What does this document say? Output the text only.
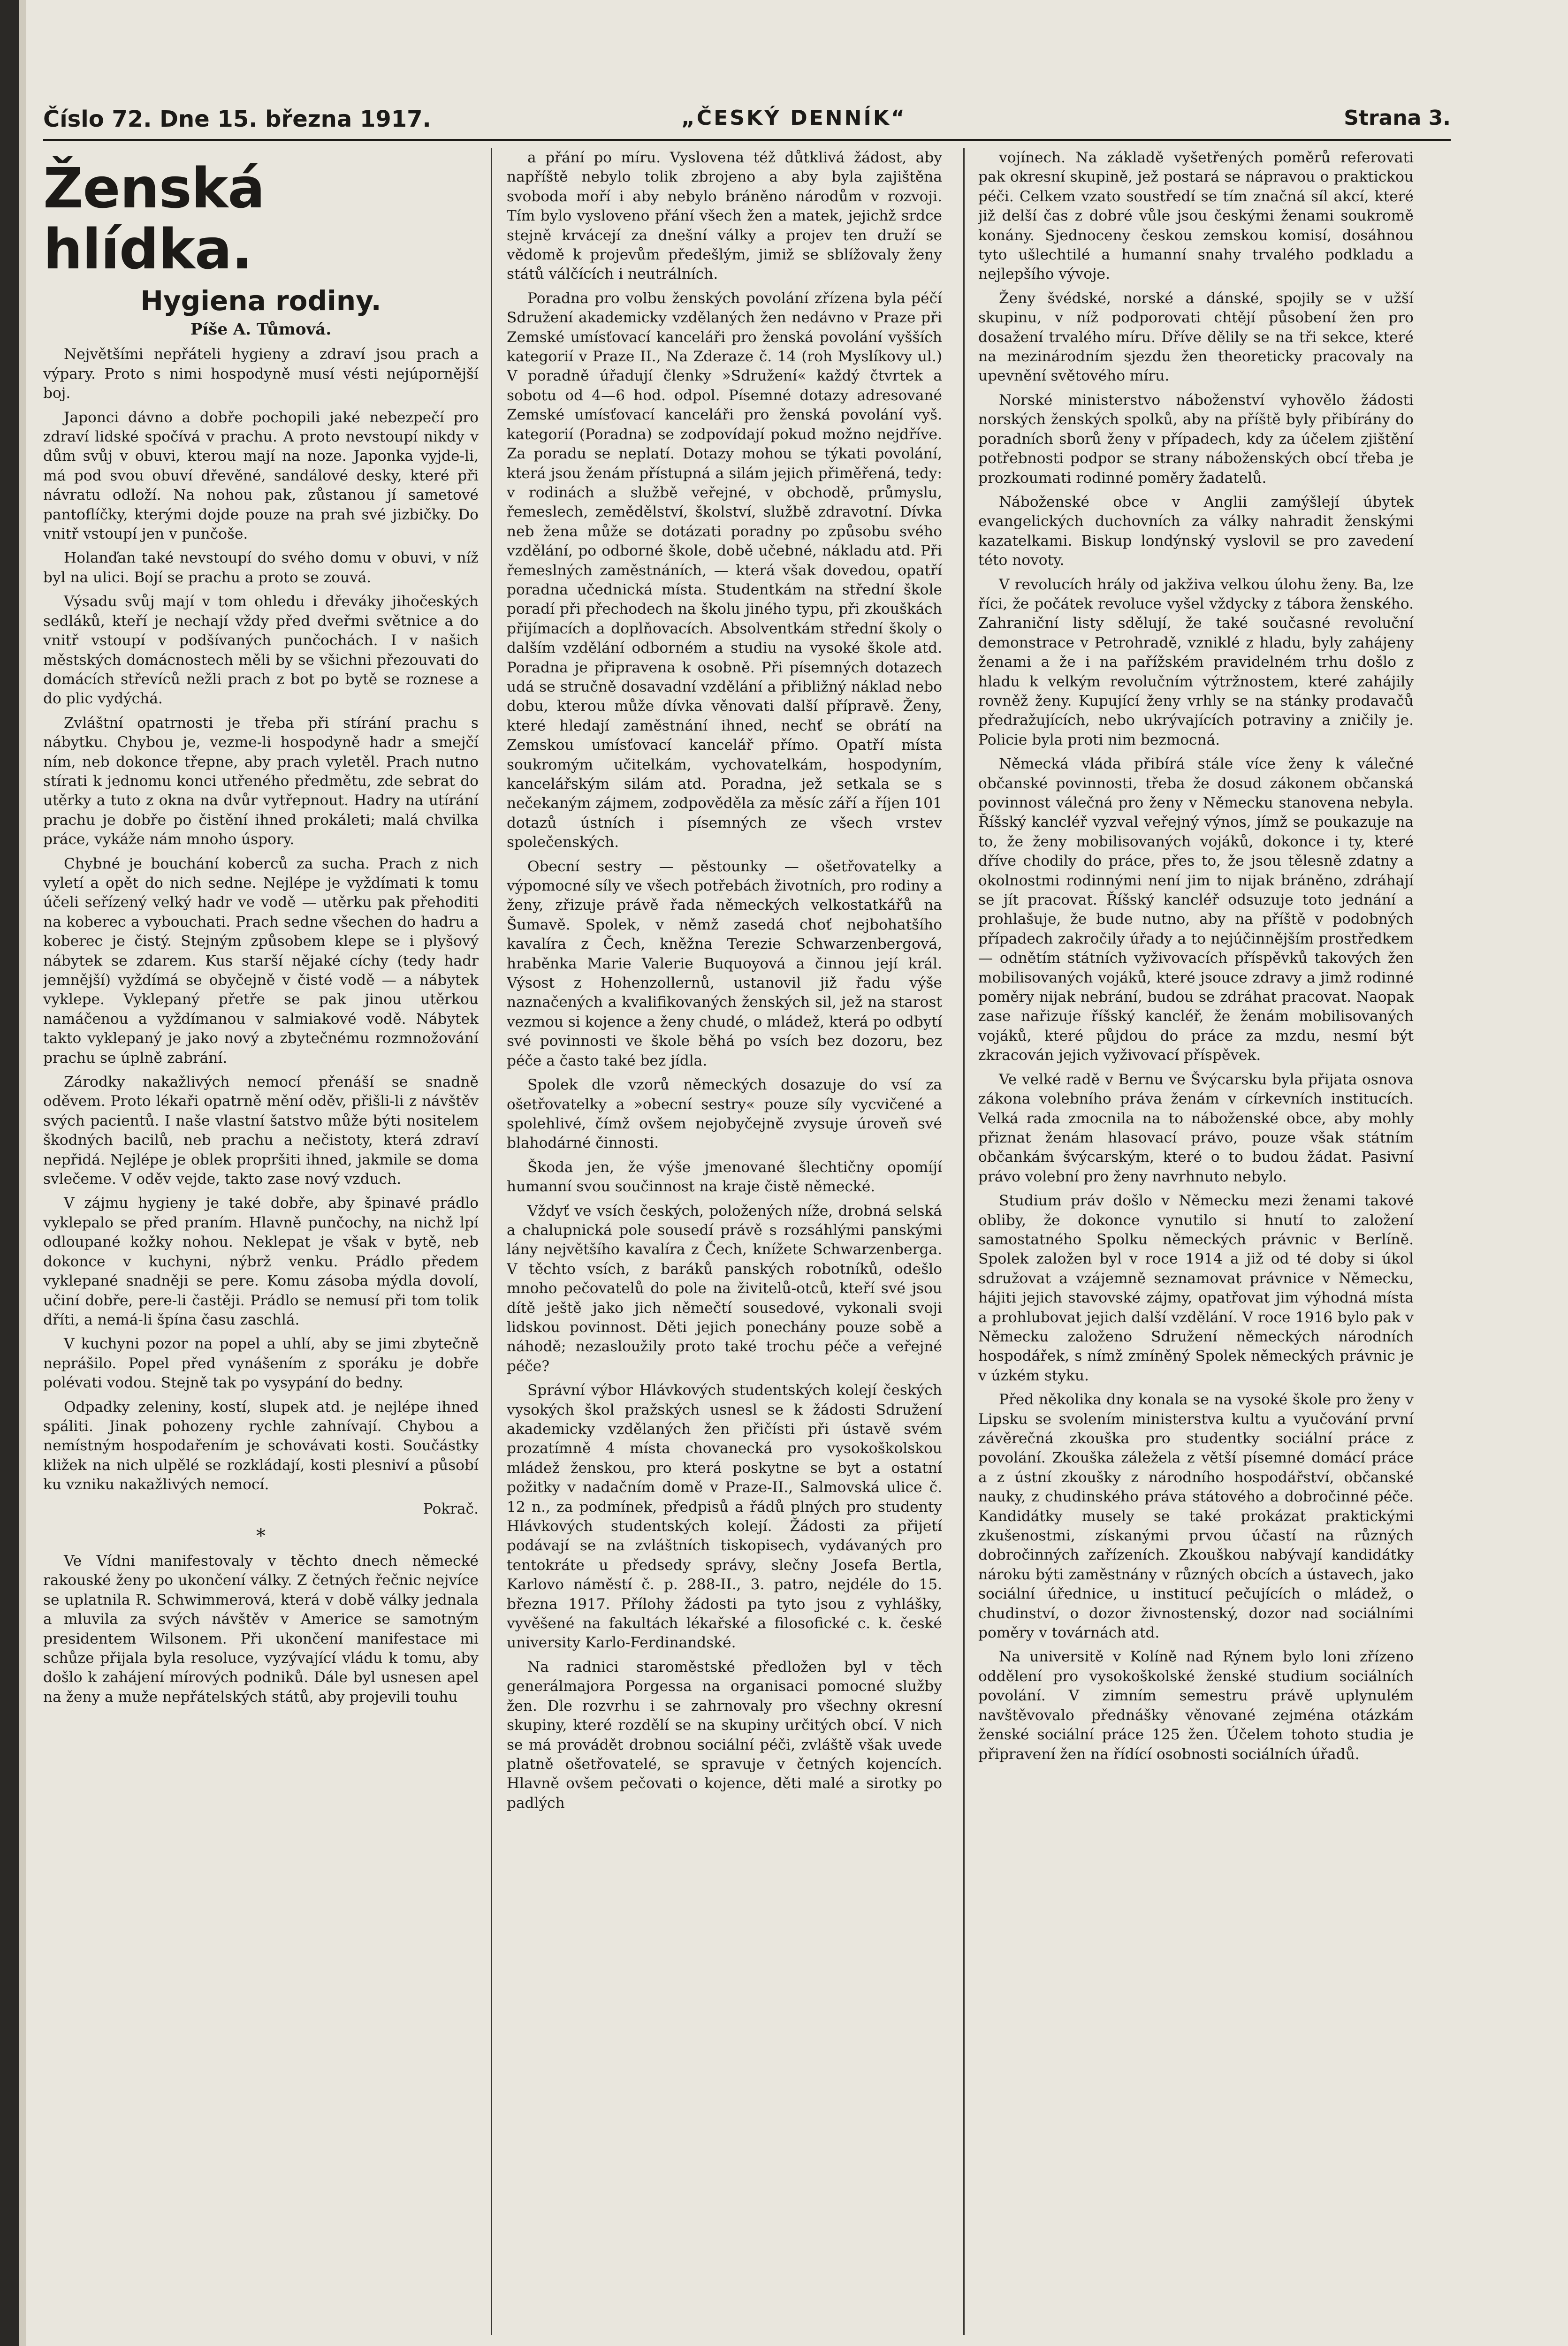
Číslo 72. Dne 15. března 1917.	„ČESKÝ DENNÍK“	Strana 3.
Ženská hlídka.
Hygiena rodiny.
Píše A. Tůmová.

Největšími nepřáteli hygieny a zdraví jsou prach a výpary. Proto s nimi hospodyně musí vésti nejúpornější boj.

Japonci dávno a dobře pochopili jaké nebezpečí pro zdraví lidské spočívá v prachu. A proto nevstoupí nikdy v dům svůj v obuvi, kterou mají na noze. Japonka vyjde-li, má pod svou obuví dřevěné, sandálové desky, které při návratu odloží. Na nohou pak, zůstanou jí sametové pantoflíčky, kterými dojde pouze na prah své jizbičky. Do vnitř vstoupí jen v punčoše.

Holanďan také nevstoupí do svého domu v obuvi, v níž byl na ulici. Bojí se prachu a proto se zouvá.

Výsadu svůj mají v tom ohledu i dřeváky jihočeských sedláků, kteří je nechají vždy před dveřmi světnice a do vnitř vstoupí v podšívaných punčochách. I v našich městských domácnostech měli by se všichni přezouvati do domácích střevíců nežli prach z bot po bytě se roznese a do plic vydýchá.

Zvláštní opatrnosti je třeba při stírání prachu s nábytku. Chybou je, vezme-li hospodyně hadr a smejčí ním, neb dokonce třepne, aby prach vyletěl. Prach nutno stírati k jednomu konci utřeného předmětu, zde sebrat do utěrky a tuto z okna na dvůr vytřepnout. Hadry na utírání prachu je dobře po čistění ihned prokáleti; malá chvilka práce, vykáže nám mnoho úspory.

Chybné je bouchání koberců za sucha. Prach z nich vyletí a opět do nich sedne. Nejlépe je vyždímati k tomu účeli seřízený velký hadr ve vodě — utěrku pak přehoditi na koberec a vybouchati. Prach sedne všechen do hadru a koberec je čistý. Stejným způsobem klepe se i plyšový nábytek se zdarem. Kus starší nějaké cíchy (tedy hadr jemnější) vyždímá se obyčejně v čisté vodě — a nábytek vyklepe. Vyklepaný přetře se pak jinou utěrkou namáčenou a vyždímanou v salmiakové vodě. Nábytek takto vyklepaný je jako nový a zbytečnému rozmnožování prachu se úplně zabrání.

Zárodky nakažlivých nemocí přenáší se snadně oděvem. Proto lékaři opatrně mění oděv, přišli-li z návštěv svých pacientů. I naše vlastní šatstvo může býti nositelem škodných bacilů, neb prachu a nečistoty, která zdraví nepřidá. Nejlépe je oblek propršiti ihned, jakmile se doma svlečeme. V oděv vejde, takto zase nový vzduch.

V zájmu hygieny je také dobře, aby špinavé prádlo vyklepalo se před praním. Hlavně punčochy, na nichž lpí odloupané kožky nohou. Neklepat je však v bytě, neb dokonce v kuchyni, nýbrž venku. Prádlo předem vyklepané snadněji se pere. Komu zásoba mýdla dovolí, učiní dobře, pere-li častěji. Prádlo se nemusí při tom tolik dříti, a nemá-li špína času zaschlá.

V kuchyni pozor na popel a uhlí, aby se jimi zbytečně neprášilo. Popel před vynášením z sporáku je dobře polévati vodou. Stejně tak po vysypání do bedny.

Odpadky zeleniny, kostí, slupek atd. je nejlépe ihned spáliti. Jinak pohozeny rychle zahnívají. Chybou a nemístným hospodařením je schovávati kosti. Součástky kližek na nich ulpělé se rozkládají, kosti plesniví a působí ku vzniku nakažlivých nemocí.

Pokrač.
*

Ve Vídni manifestovaly v těchto dnech německé rakouské ženy po ukončení války. Z četných řečnic nejvíce se uplatnila R. Schwimmerová, která v době války jednala a mluvila za svých návštěv v Americe se samotným presidentem Wilsonem. Při ukončení manifestace mi schůze přijala byla resoluce, vyzývající vládu k tomu, aby došlo k zahájení mírových podniků. Dále byl usnesen apel na ženy a muže nepřátelských států, aby projevili touhu

a přání po míru. Vyslovena též důtklivá žádost, aby napříště nebylo tolik zbrojeno a aby byla zajištěna svoboda moří i aby nebylo bráněno národům v rozvoji. Tím bylo vysloveno přání všech žen a matek, jejichž srdce stejně krvácejí za dnešní války a projev ten druží se vědomě k projevům předešlým, jimiž se sblížovaly ženy států válčících i neutrálních.

Poradna pro volbu ženských povolání zřízena byla péčí Sdružení akademicky vzdělaných žen nedávno v Praze při Zemské umísťovací kanceláři pro ženská povolání vyšších kategorií v Praze II., Na Zderaze č. 14 (roh Myslíkovy ul.) V poradně úřadují členky »Sdružení« každý čtvrtek a sobotu od 4—6 hod. odpol. Písemné dotazy adresované Zemské umísťovací kanceláři pro ženská povolání vyš. kategorií (Poradna) se zodpovídají pokud možno nejdříve. Za poradu se neplatí. Dotazy mohou se týkati povolání, která jsou ženám přístupná a silám jejich přiměřená, tedy: v rodinách a službě veřejné, v obchodě, průmyslu, řemeslech, zemědělství, školství, službě zdravotní. Dívka neb žena může se dotázati poradny po způsobu svého vzdělání, po odborné škole, době učebné, nákladu atd. Při řemeslných zaměstnáních, — která však dovedou, opatří poradna učednická místa. Studentkám na střední škole poradí při přechodech na školu jiného typu, při zkouškách přijímacích a doplňovacích. Absolventkám střední školy o dalším vzdělání odborném a studiu na vysoké škole atd. Poradna je připravena k osobně. Při písemných dotazech udá se stručně dosavadní vzdělání a přibližný náklad nebo dobu, kterou může dívka věnovati další přípravě. Ženy, které hledají zaměstnání ihned, nechť se obrátí na Zemskou umísťovací kancelář přímo. Opatří místa soukromým učitelkám, vychovatelkám, hospodyním, kancelářským silám atd. Poradna, jež setkala se s nečekaným zájmem, zodpověděla za měsíc září a říjen 101 dotazů ústních i písemných ze všech vrstev společenských.

Obecní sestry — pěstounky — ošetřovatelky a výpomocné síly ve všech potřebách životních, pro rodiny a ženy, zřizuje právě řada německých velkostatkářů na Šumavě. Spolek, v němž zasedá choť nejbohatšího kavalíra z Čech, kněžna Terezie Schwarzenbergová, hraběnka Marie Valerie Buquoyová a činnou její král. Výsost z Hohenzollernů, ustanovil již řadu výše naznačených a kvalifikovaných ženských sil, jež na starost vezmou si kojence a ženy chudé, o mládež, která po odbytí své povinnosti ve škole běhá po vsích bez dozoru, bez péče a často také bez jídla.

Spolek dle vzorů německých dosazuje do vsí za ošetřovatelky a »obecní sestry« pouze síly vycvičené a spolehlivé, čímž ovšem nejobyčejně zvysuje úroveň své blahodárné činnosti.

Škoda jen, že výše jmenované šlechtičny opomíjí humanní svou součinnost na kraje čistě německé.

Vždyť ve vsích českých, položených níže, drobná selská a chalupnická pole sousedí právě s rozsáhlými panskými lány největšího kavalíra z Čech, knížete Schwarzenberga. V těchto vsích, z baráků panských robotníků, odešlo mnoho pečovatelů do pole na živitelů-otců, kteří své jsou dítě ještě jako jich němečtí sousedové, vykonali svoji lidskou povinnost. Děti jejich ponechány pouze sobě a náhodě; nezasloužily proto také trochu péče a veřejné péče?

Správní výbor Hlávkových studentských kolejí českých vysokých škol pražských usnesl se k žádosti Sdružení akademicky vzdělaných žen přičísti při ústavě svém prozatímně 4 místa chovanecká pro vysokoškolskou mládež ženskou, pro která poskytne se byt a ostatní požitky v nadačním domě v Praze-II., Salmovská ulice č. 12 n., za podmínek, předpisů a řádů plných pro studenty Hlávkových studentských kolejí. Žádosti za přijetí podávají se na zvláštních tiskopisech, vydávaných pro tentokráte u předsedy správy, slečny Josefa Bertla, Karlovo náměstí č. p. 288-II., 3. patro, nejdéle do 15. března 1917. Přílohy žádosti pa tyto jsou z vyhlášky, vyvěšené na fakultách lékařské a filosofické c. k. české university Karlo-Ferdinandské.

Na radnici staroměstské předložen byl v těch generálmajora Porgessa na organisaci pomocné služby žen. Dle rozvrhu i se zahrnovaly pro všechny okresní skupiny, které rozdělí se na skupiny určitých obcí. V nich se má provádět drobnou sociální péči, zvláště však uvede platně ošetřovatelé, se spravuje v četných kojencích. Hlavně ovšem pečovati o kojence, děti malé a sirotky po padlých

vojínech. Na základě vyšetřených poměrů referovati pak okresní skupině, jež postará se nápravou o praktickou péči. Celkem vzato soustředí se tím značná síl akcí, které již delší čas z dobré vůle jsou českými ženami soukromě konány. Sjednoceny českou zemskou komisí, dosáhnou tyto ušlechtilé a humanní snahy trvalého podkladu a nejlepšího vývoje.

Ženy švédské, norské a dánské, spojily se v užší skupinu, v níž podporovati chtějí působení žen pro dosažení trvalého míru. Dříve dělily se na tři sekce, které na mezinárodním sjezdu žen theoreticky pracovaly na upevnění světového míru.

Norské ministerstvo náboženství vyhovělo žádosti norských ženských spolků, aby na příště byly přibírány do poradních sborů ženy v případech, kdy za účelem zjištění potřebnosti podpor se strany náboženských obcí třeba je prozkoumati rodinné poměry žadatelů.

Náboženské obce v Anglii zamýšlejí úbytek evangelických duchovních za války nahradit ženskými kazatelkami. Biskup londýnský vyslovil se pro zavedení této novoty.

V revolucích hrály od jakživa velkou úlohu ženy. Ba, lze říci, že počátek revoluce vyšel vždycky z tábora ženského. Zahraniční listy sdělují, že také současné revoluční demonstrace v Petrohradě, vzniklé z hladu, byly zahájeny ženami a že i na pařížském pravidelném trhu došlo z hladu k velkým revolučním výtržnostem, které zahájily rovněž ženy. Kupující ženy vrhly se na stánky prodavačů předražujících, nebo ukrývajících potraviny a zničily je. Policie byla proti nim bezmocná.

Německá vláda přibírá stále více ženy k válečné občanské povinnosti, třeba že dosud zákonem občanská povinnost válečná pro ženy v Německu stanovena nebyla. Říšský kancléř vyzval veřejný výnos, jímž se poukazuje na to, že ženy mobilisovaných vojáků, dokonce i ty, které dříve chodily do práce, přes to, že jsou tělesně zdatny a okolnostmi rodinnými není jim to nijak bráněno, zdráhají se jít pracovat. Říšský kancléř odsuzuje toto jednání a prohlašuje, že bude nutno, aby na příště v podobných případech zakročily úřady a to nejúčinnějším prostředkem — odnětím státních vyživovacích příspěvků takových žen mobilisovaných vojáků, které jsouce zdravy a jimž rodinné poměry nijak nebrání, budou se zdráhat pracovat. Naopak zase nařizuje říšský kancléř, že ženám mobilisovaných vojáků, které půjdou do práce za mzdu, nesmí být zkracován jejich vyživovací příspěvek.

Ve velké radě v Bernu ve Švýcarsku byla přijata osnova zákona volebního práva ženám v církevních institucích. Velká rada zmocnila na to náboženské obce, aby mohly přiznat ženám hlasovací právo, pouze však státním občankám švýcarským, které o to budou žádat. Pasivní právo volební pro ženy navrhnuto nebylo.

Studium práv došlo v Německu mezi ženami takové obliby, že dokonce vynutilo si hnutí to založení samostatného Spolku německých právnic v Berlíně. Spolek založen byl v roce 1914 a již od té doby si úkol sdružovat a vzájemně seznamovat právnice v Německu, hájiti jejich stavovské zájmy, opatřovat jim výhodná místa a prohlubovat jejich další vzdělání. V roce 1916 bylo pak v Německu založeno Sdružení německých národních hospodářek, s nímž zmíněný Spolek německých právnic je v úzkém styku.

Před několika dny konala se na vysoké škole pro ženy v Lipsku se svolením ministerstva kultu a vyučování první závěrečná zkouška pro studentky sociální práce z povolání. Zkouška záležela z větší písemné domácí práce a z ústní zkoušky z národního hospodářství, občanské nauky, z chudinského práva státového a dobročinné péče. Kandidátky musely se také prokázat praktickými zkušenostmi, získanými prvou účastí na různých dobročinných zařízeních. Zkouškou nabývají kandidátky nároku býti zaměstnány v různých obcích a ústavech, jako sociální úřednice, u institucí pečujících o mládež, o chudinství, o dozor živnostenský, dozor nad sociálními poměry v továrnách atd.

Na universitě v Kolíně nad Rýnem bylo loni zřízeno oddělení pro vysokoškolské ženské studium sociálních povolání. V zimním semestru právě uplynulém navštěvovalo přednášky věnované zejména otázkám ženské sociální práce 125 žen. Účelem tohoto studia je připravení žen na řídící osobnosti sociálních úřadů.
